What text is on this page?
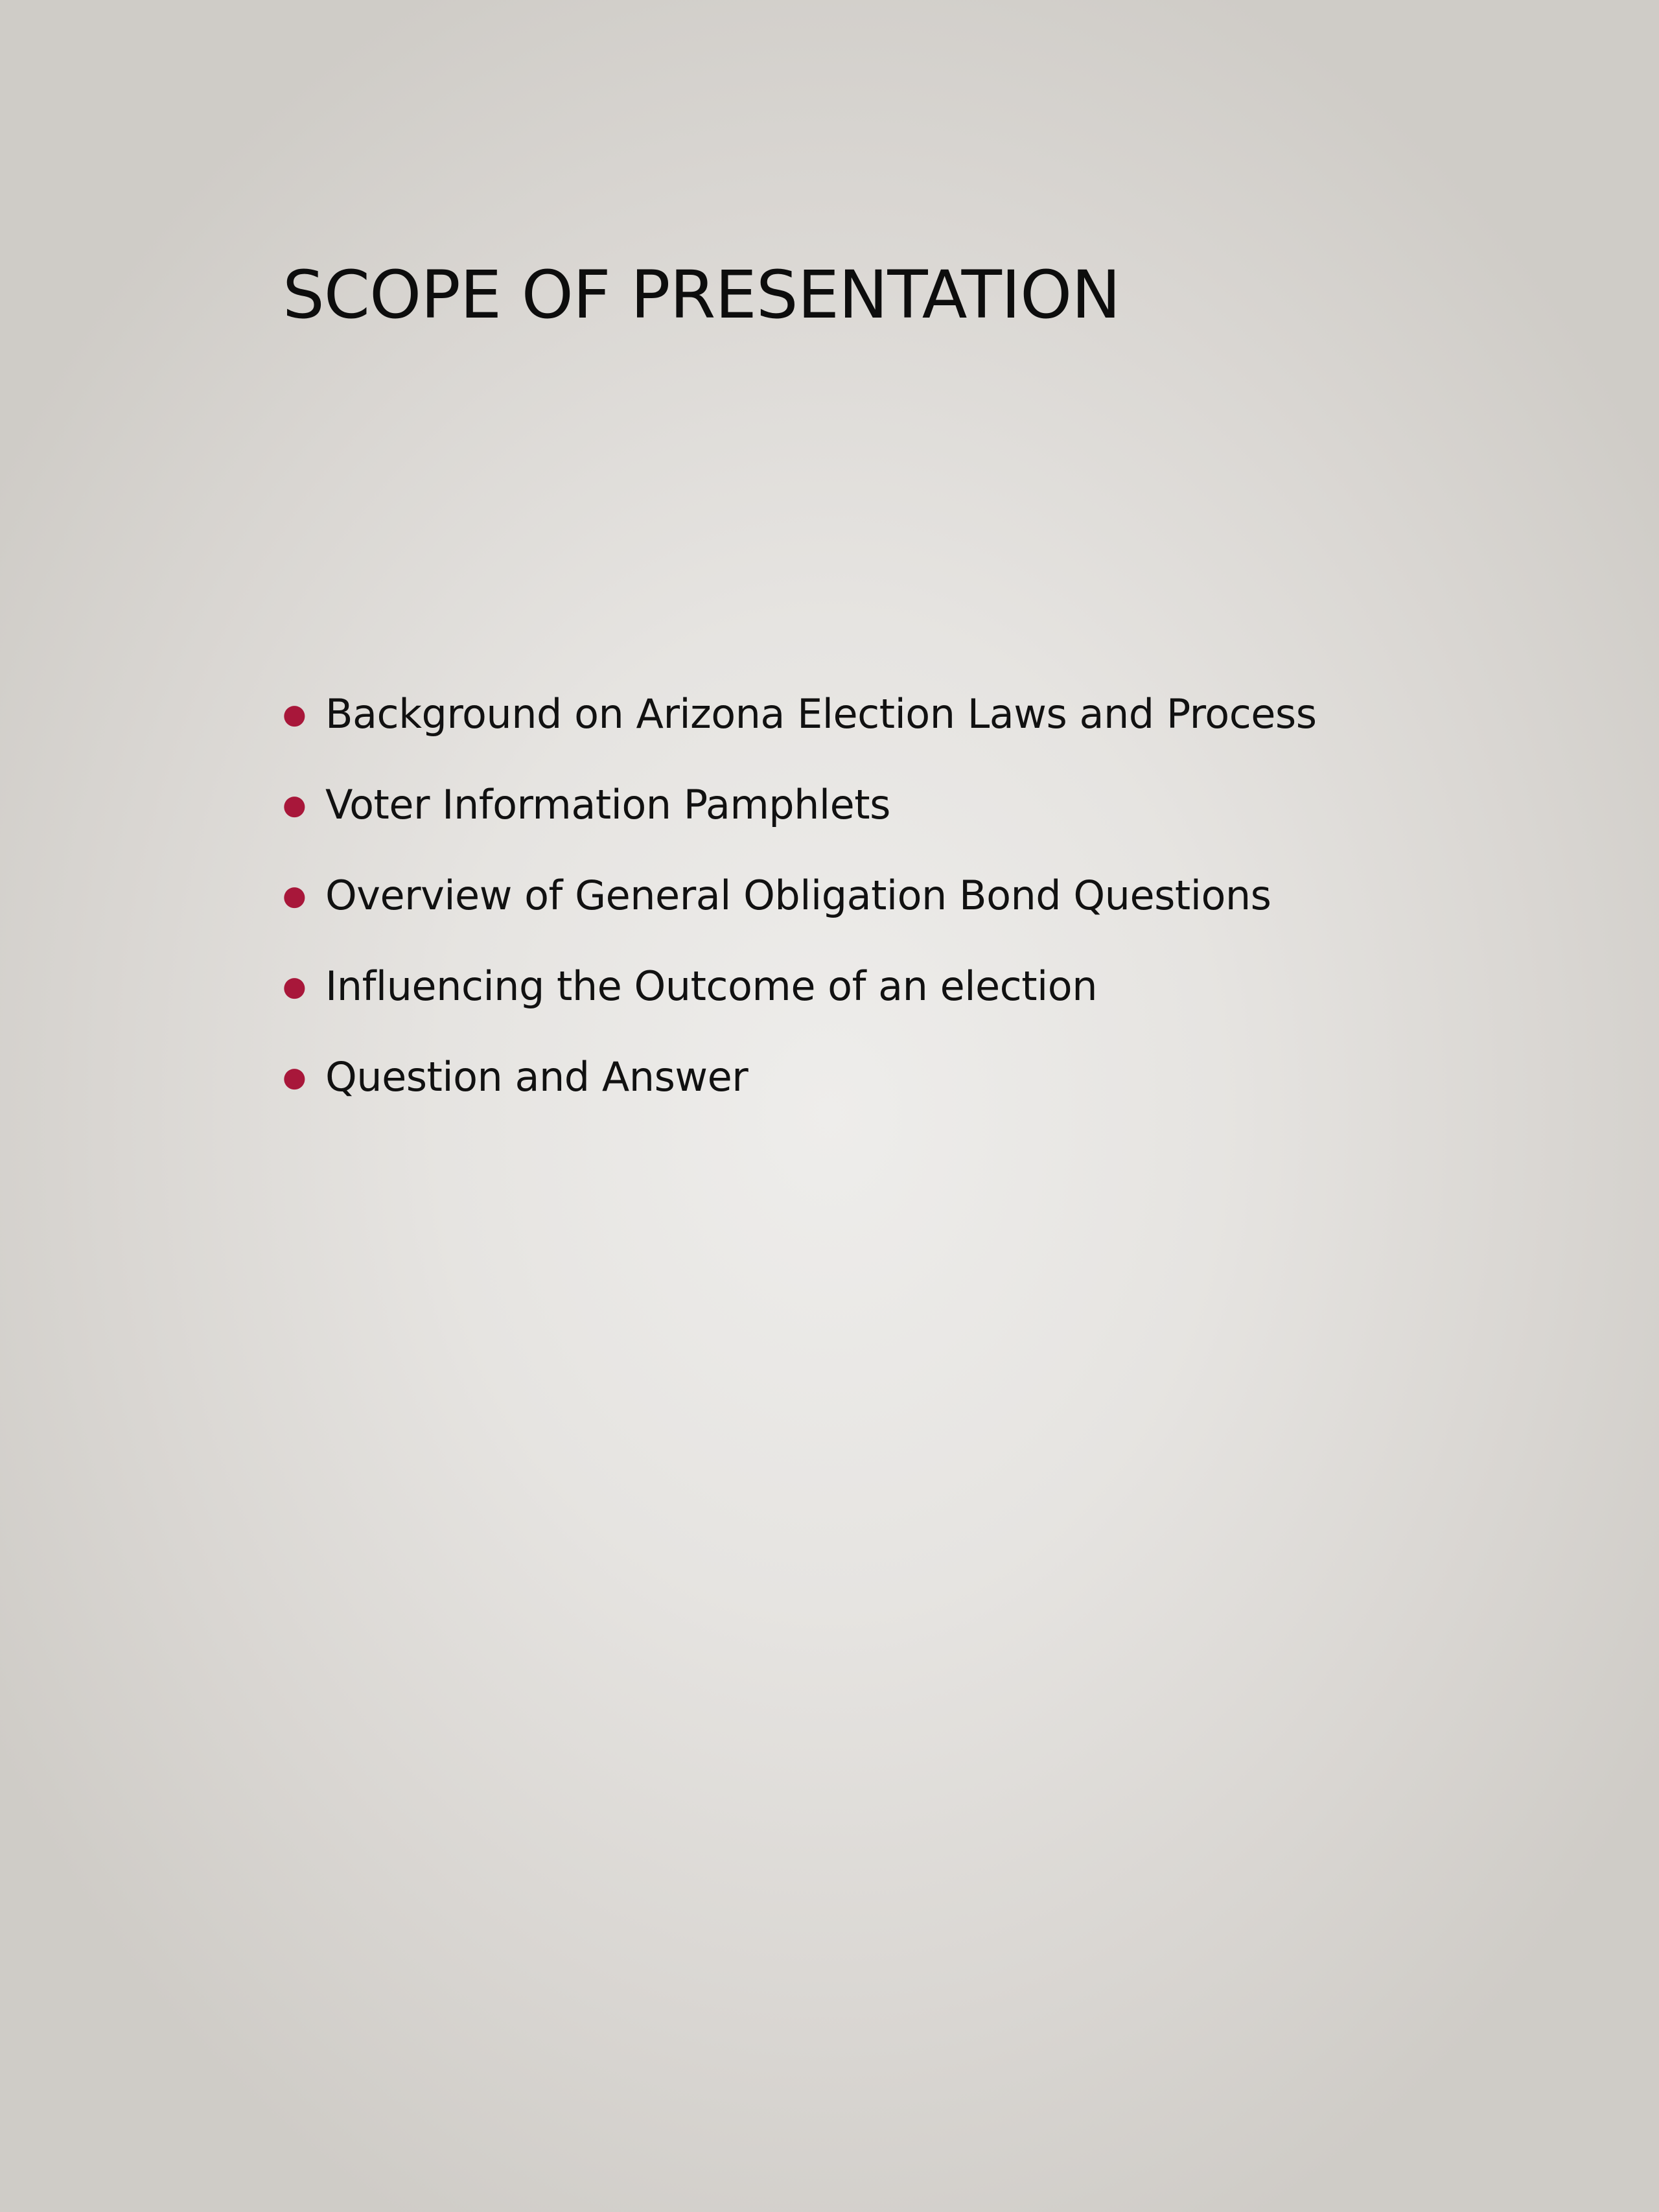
SCOPE OF PRESENTATION
● Background on Arizona Election Laws and Process
● Voter Information Pamphlets
● Overview of General Obligation Bond Questions
● Influencing the Outcome of an election
● Question and Answer
